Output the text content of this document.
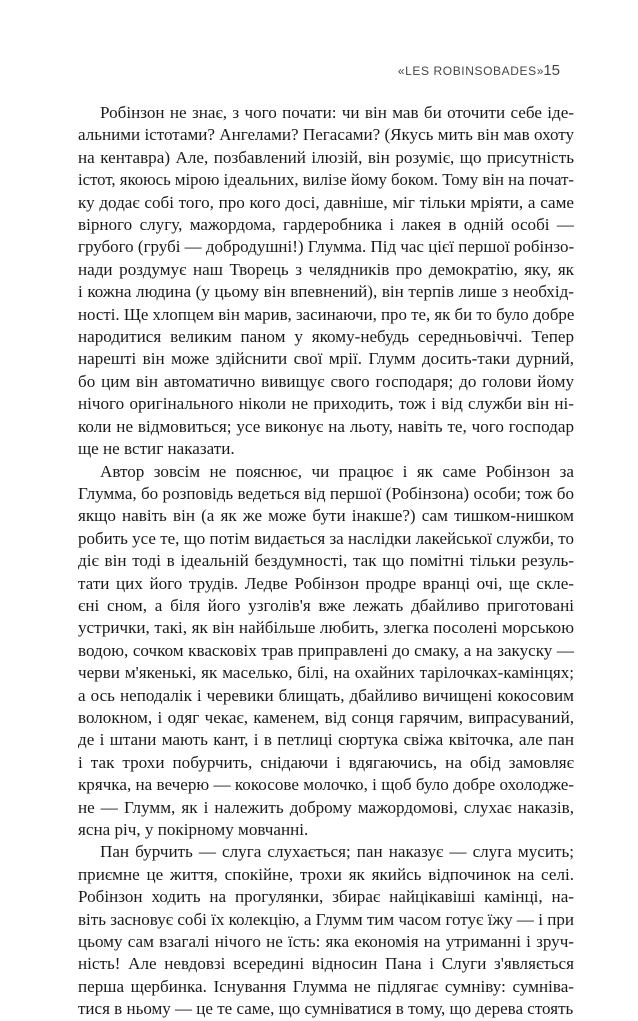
«LES ROBINSOBADES» 15
Робінзон не знає, з чого почати: чи він мав би оточити себе іде-
альними істотами? Ангелами? Пегасами? (Якусь мить він мав охоту
на кентавра) Але, позбавлений ілюзій, він розуміє, що присутність
істот, якоюсь мірою ідеальних, вилізе йому боком. Тому він на почат-
ку додає собі того, про кого досі, давніше, міг тільки мріяти, а саме
вірного слугу, мажордома, гардеробника і лакея в одній особі —
грубого (грубі — добродушні!) Глумма. Під час цієї першої робінзо-
нади роздумує наш Творець з челядників про демократію, яку, як
і кожна людина (у цьому він впевнений), він терпів лише з необхід-
ності. Ще хлопцем він марив, засинаючи, про те, як би то було добре
народитися великим паном у якому-небудь середньовіччі. Тепер
нарешті він може здійснити свої мрії. Глумм досить-таки дурний,
бо цим він автоматично вивищує свого господаря; до голови йому
нічого оригінального ніколи не приходить, тож і від служби він ні-
коли не відмовиться; усе виконує на льоту, навіть те, чого господар
ще не встиг наказати.
Автор зовсім не пояснює, чи працює і як саме Робінзон за
Глумма, бо розповідь ведеться від першої (Робінзона) особи; тож бо
якщо навіть він (а як же може бути інакше?) сам тишком-нишком
робить усе те, що потім видається за наслідки лакейської служби, то
діє він тоді в ідеальній бездумності, так що помітні тільки резуль-
тати цих його трудів. Ледве Робінзон продре вранці очі, ще скле-
єні сном, а біля його узголів'я вже лежать дбайливо приготовані
устрички, такі, як він найбільше любить, злегка посолені морською
водою, сочком квасковix трав приправлені до смаку, а на закуску —
черви м'якенькі, як маселько, білі, на охайних тарілочках-камінцях;
а ось неподалік і черевики блищать, дбайливо вичищені кокосовим
волокном, і одяг чекає, каменем, від сонця гарячим, випрасуваний,
де і штани мають кант, і в петлиці сюртука свіжа квіточка, але пан
і так трохи побурчить, снідаючи і вдягаючись, на обід замовляє
крячка, на вечерю — кокосове молочко, і щоб було добре охолодже-
не — Глумм, як і належить доброму мажордомові, слухає наказів,
ясна річ, у покірному мовчанні.
Пан бурчить — слуга слухається; пан наказує — слуга мусить;
приємне це життя, спокійне, трохи як якийсь відпочинок на селі.
Робінзон ходить на прогулянки, збирає найцікавіші камінці, на-
віть засновує собі їх колекцію, а Глумм тим часом готує їжу — і при
цьому сам взагалі нічого не їсть: яка економія на утриманні і зруч-
ність! Але невдовзі всередині відносин Пана і Слуги з'являється
перша щербинка. Існування Глумма не підлягає сумніву: сумніва-
тися в ньому — це те саме, що сумніватися в тому, що дерева стоять
